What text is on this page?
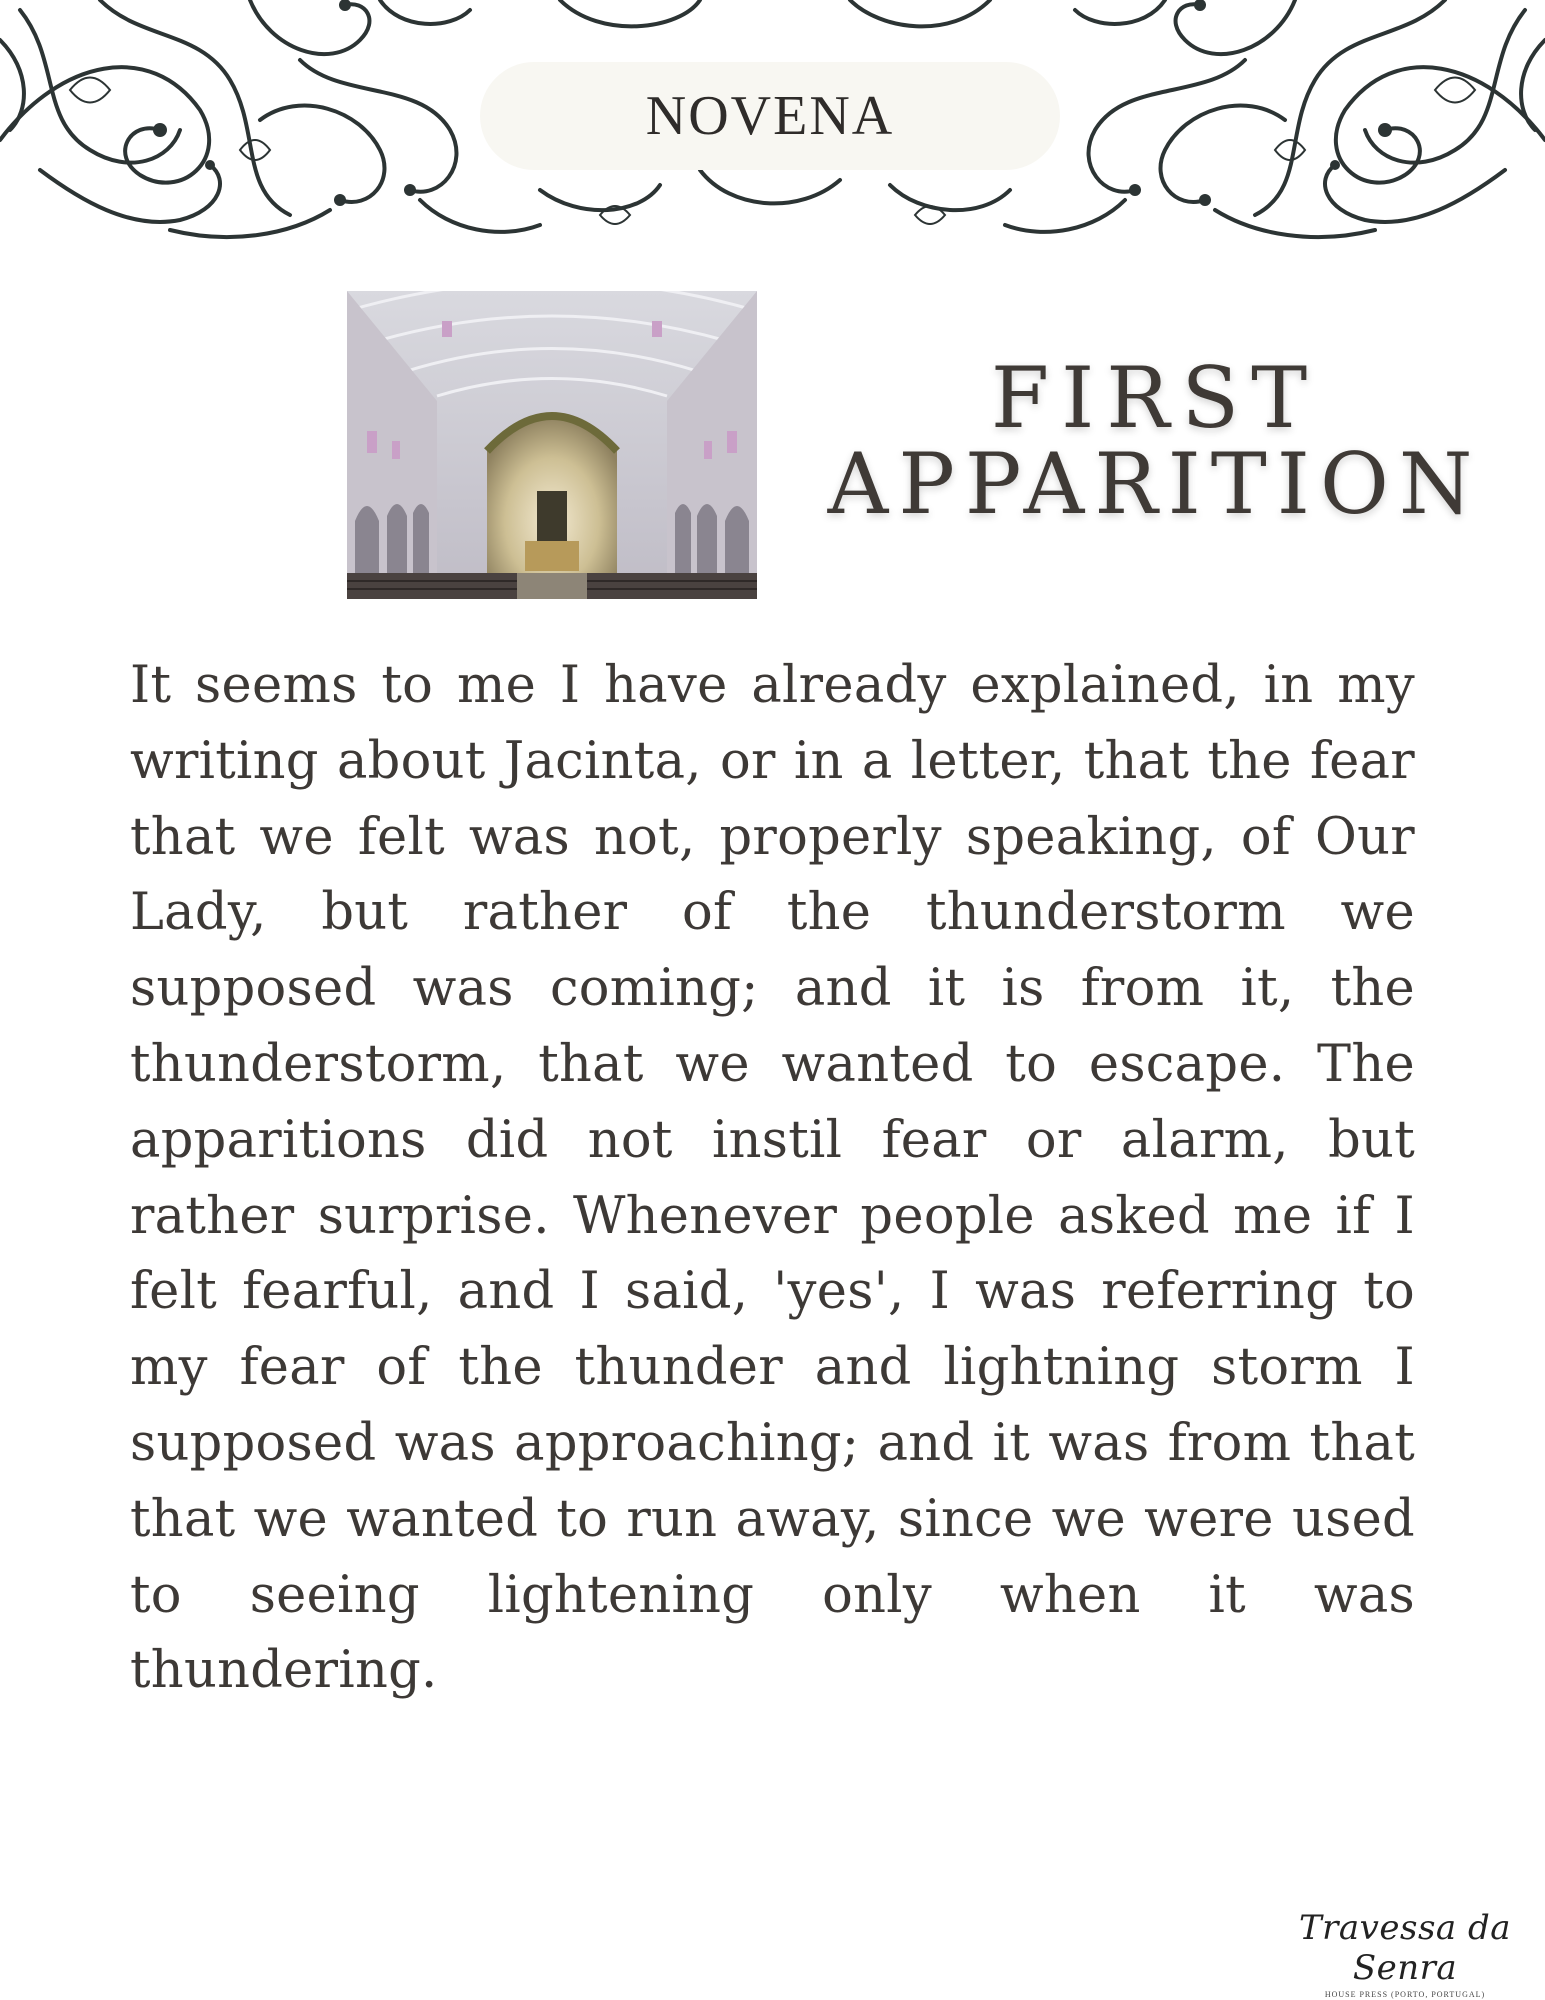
NOVENA
FIRST
APPARITION

It seems to me I have already explained, in my writing about Jacinta, or in a letter, that the fear that we felt was not, properly speaking, of Our Lady, but rather of the thunderstorm we supposed was coming; and it is from it, the thunderstorm, that we wanted to escape. The apparitions did not instil fear or alarm, but rather surprise. Whenever people asked me if I felt fearful, and I said, 'yes', I was referring to my fear of the thunder and lightning storm I supposed was approaching; and it was from that that we wanted to run away, since we were used to seeing lightening only when it was thundering.

Travessa da Senra
HOUSE PRESS (PORTO, PORTUGAL)
